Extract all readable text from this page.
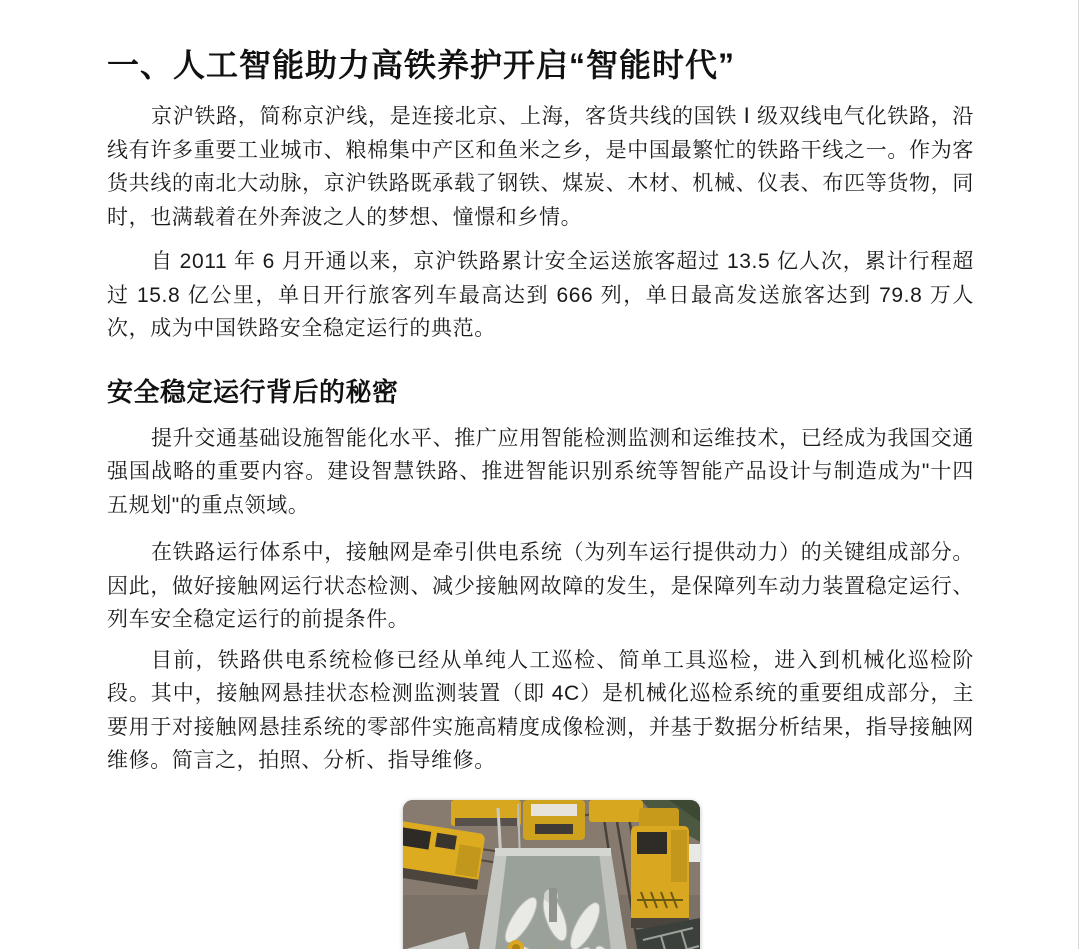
一、人工智能助力高铁养护开启“智能时代”

京沪铁路，简称京沪线，是连接北京、上海，客货共线的国铁 Ⅰ 级双线电气化铁路，沿线有许多重要工业城市、粮棉集中产区和鱼米之乡，是中国最繁忙的铁路干线之一。作为客货共线的南北大动脉，京沪铁路既承载了钢铁、煤炭、木材、机械、仪表、布匹等货物，同时，也满载着在外奔波之人的梦想、憧憬和乡情。

自 2011 年 6 月开通以来，京沪铁路累计安全运送旅客超过 13.5 亿人次，累计行程超过 15.8 亿公里，单日开行旅客列车最高达到 666 列，单日最高发送旅客达到 79.8 万人次，成为中国铁路安全稳定运行的典范。

安全稳定运行背后的秘密

提升交通基础设施智能化水平、推广应用智能检测监测和运维技术，已经成为我国交通强国战略的重要内容。建设智慧铁路、推进智能识别系统等智能产品设计与制造成为"十四五规划"的重点领域。

在铁路运行体系中，接触网是牵引供电系统（为列车运行提供动力）的关键组成部分。因此，做好接触网运行状态检测、减少接触网故障的发生，是保障列车动力装置稳定运行、列车安全稳定运行的前提条件。

目前，铁路供电系统检修已经从单纯人工巡检、简单工具巡检，进入到机械化巡检阶段。其中，接触网悬挂状态检测监测装置（即 4C）是机械化巡检系统的重要组成部分，主要用于对接触网悬挂系统的零部件实施高精度成像检测，并基于数据分析结果，指导接触网维修。简言之，拍照、分析、指导维修。
